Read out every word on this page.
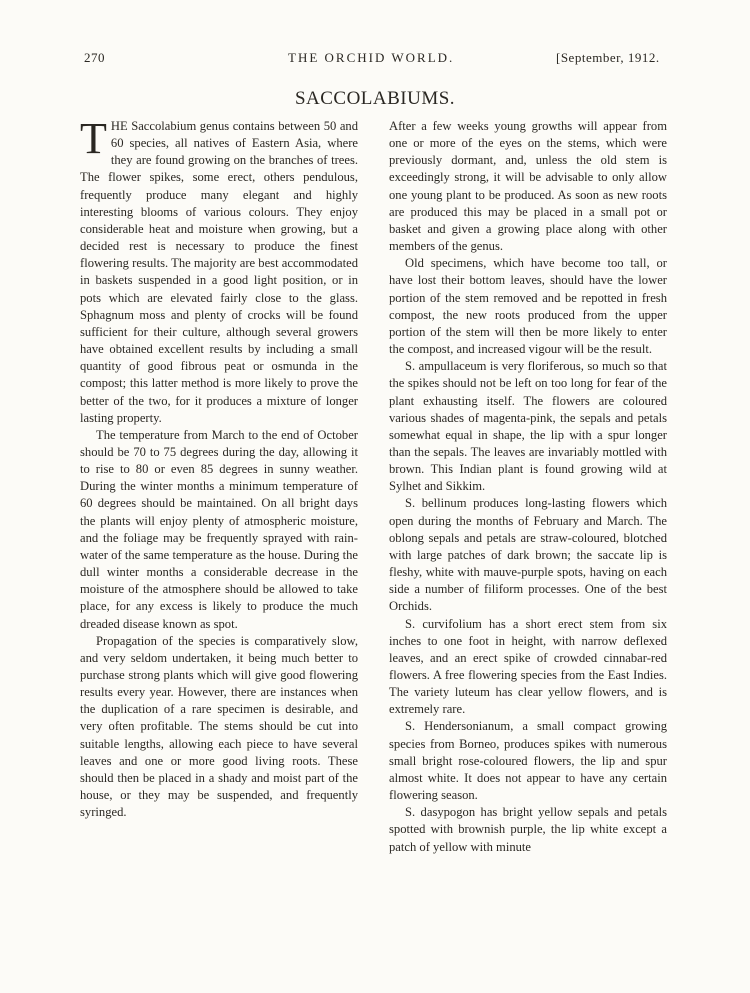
270	THE ORCHID WORLD.	[September, 1912.
SACCOLABIUMS.

THE Saccolabium genus contains between 50 and 60 species, all natives of Eastern Asia, where they are found growing on the branches of trees. The flower spikes, some erect, others pendulous, frequently produce many elegant and highly interesting blooms of various colours. They enjoy considerable heat and moisture when growing, but a decided rest is necessary to produce the finest flowering results. The majority are best accommodated in baskets suspended in a good light position, or in pots which are elevated fairly close to the glass. Sphagnum moss and plenty of crocks will be found sufficient for their culture, although several growers have obtained excellent results by including a small quantity of good fibrous peat or osmunda in the compost; this latter method is more likely to prove the better of the two, for it produces a mixture of longer lasting property.

The temperature from March to the end of October should be 70 to 75 degrees during the day, allowing it to rise to 80 or even 85 degrees in sunny weather. During the winter months a minimum temperature of 60 degrees should be maintained. On all bright days the plants will enjoy plenty of atmospheric moisture, and the foliage may be frequently sprayed with rain-water of the same temperature as the house. During the dull winter months a considerable decrease in the moisture of the atmosphere should be allowed to take place, for any excess is likely to produce the much dreaded disease known as spot.

Propagation of the species is comparatively slow, and very seldom undertaken, it being much better to purchase strong plants which will give good flowering results every year. However, there are instances when the duplication of a rare specimen is desirable, and very often profitable. The stems should be cut into suitable lengths, allowing each piece to have several leaves and one or more good living roots. These should then be placed in a shady and moist part of the house, or they may be suspended, and frequently syringed.

After a few weeks young growths will appear from one or more of the eyes on the stems, which were previously dormant, and, unless the old stem is exceedingly strong, it will be advisable to only allow one young plant to be produced. As soon as new roots are produced this may be placed in a small pot or basket and given a growing place along with other members of the genus.

Old specimens, which have become too tall, or have lost their bottom leaves, should have the lower portion of the stem removed and be repotted in fresh compost, the new roots produced from the upper portion of the stem will then be more likely to enter the compost, and increased vigour will be the result.

S. ampullaceum is very floriferous, so much so that the spikes should not be left on too long for fear of the plant exhausting itself. The flowers are coloured various shades of magenta-pink, the sepals and petals somewhat equal in shape, the lip with a spur longer than the sepals. The leaves are invariably mottled with brown. This Indian plant is found growing wild at Sylhet and Sikkim.

S. bellinum produces long-lasting flowers which open during the months of February and March. The oblong sepals and petals are straw-coloured, blotched with large patches of dark brown; the saccate lip is fleshy, white with mauve-purple spots, having on each side a number of filiform processes. One of the best Orchids.

S. curvifolium has a short erect stem from six inches to one foot in height, with narrow deflexed leaves, and an erect spike of crowded cinnabar-red flowers. A free flowering species from the East Indies. The variety luteum has clear yellow flowers, and is extremely rare.

S. Hendersonianum, a small compact growing species from Borneo, produces spikes with numerous small bright rose-coloured flowers, the lip and spur almost white. It does not appear to have any certain flowering season.

S. dasypogon has bright yellow sepals and petals spotted with brownish purple, the lip white except a patch of yellow with minute
